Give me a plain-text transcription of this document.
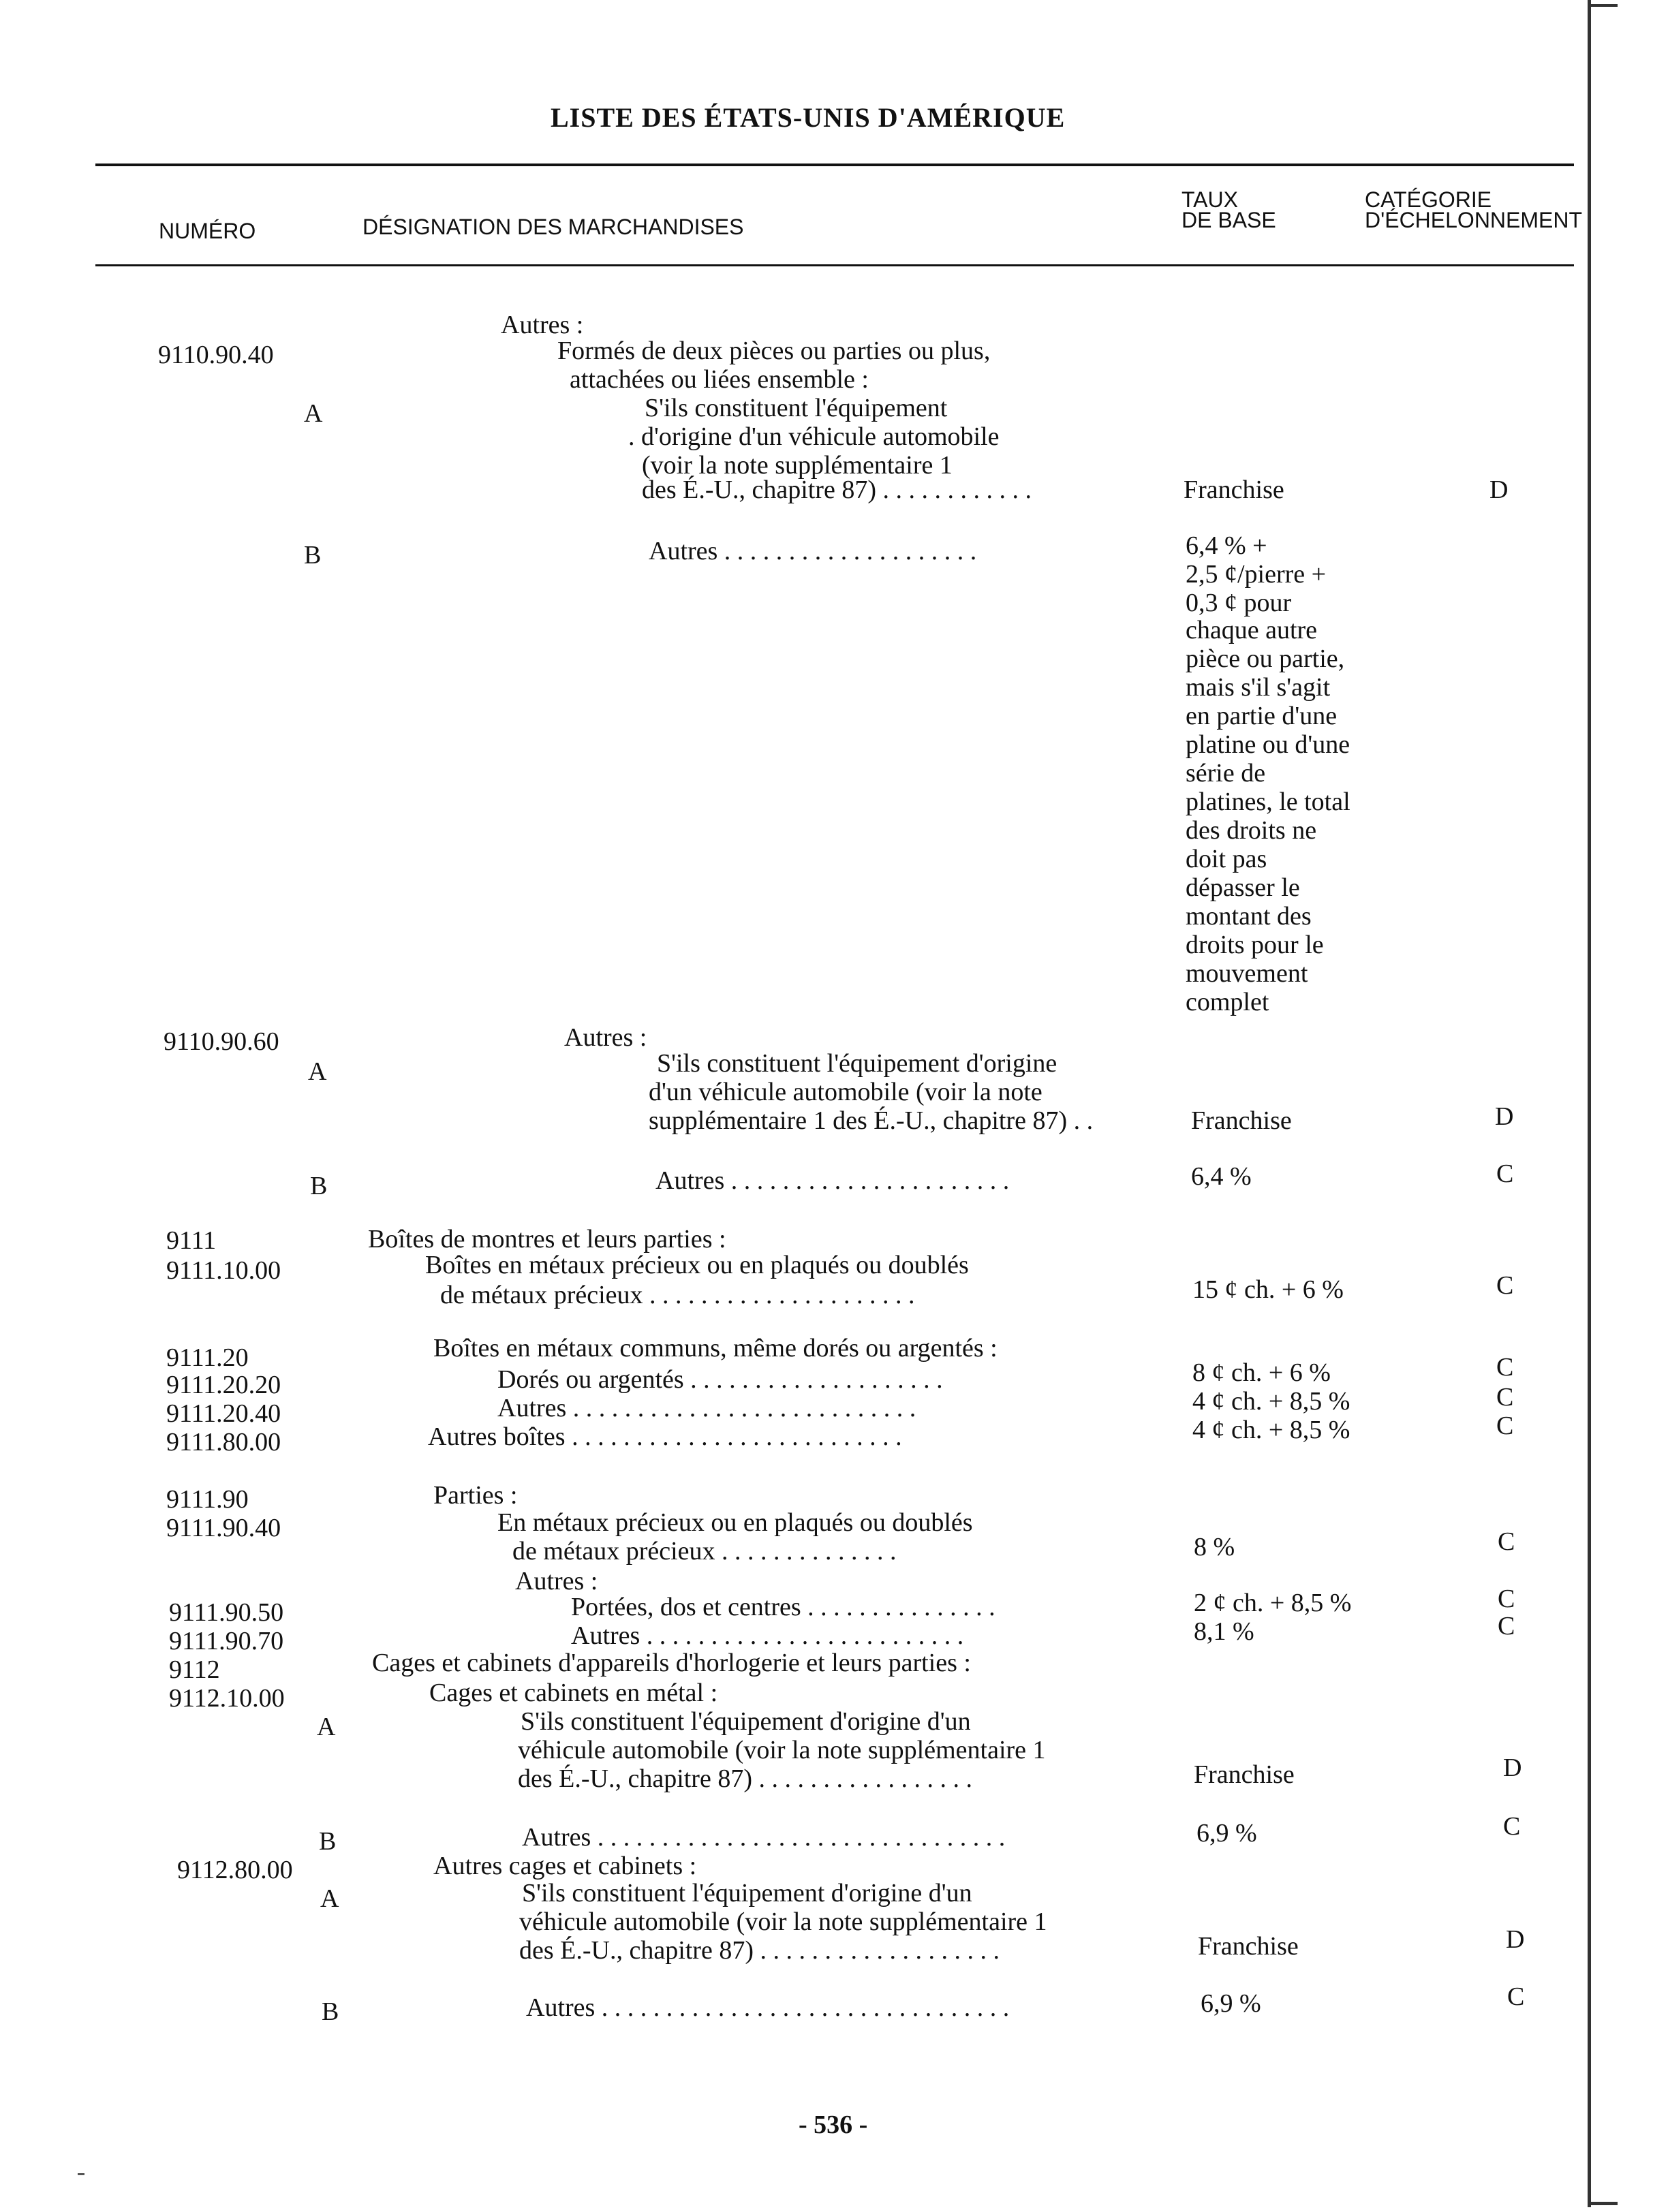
LISTE DES ÉTATS-UNIS D'AMÉRIQUE
NUMÉRO	DÉSIGNATION DES MARCHANDISES
TAUX
DE BASE
CATÉGORIE
D'ÉCHELONNEMENT
Autres :
9110.90.40	Formés de deux pièces ou parties ou plus,
attachées ou liées ensemble :
A	S'ils constituent l'équipement
. d'origine d'un véhicule automobile
(voir la note supplémentaire 1
des É.-U., chapitre 87) . . . . . . . . . . . .	Franchise	D
B	Autres . . . . . . . . . . . . . . . . . . . .	6,4 % +
2,5 ¢/pierre +
0,3 ¢ pour
chaque autre
pièce ou partie,
mais s'il s'agit
en partie d'une
platine ou d'une
série de
platines, le total
des droits ne
doit pas
dépasser le
montant des
droits pour le
mouvement
complet
9110.90.60	Autres :
A	S'ils constituent l'équipement d'origine
d'un véhicule automobile (voir la note
supplémentaire 1 des É.-U., chapitre 87) . .	Franchise	D
B	Autres . . . . . . . . . . . . . . . . . . . . . .	6,4 %	C
9111	Boîtes de montres et leurs parties :
9111.10.00	Boîtes en métaux précieux ou en plaqués ou doublés
de métaux précieux . . . . . . . . . . . . . . . . . . . . .	15 ¢ ch. + 6 %	C
9111.20	Boîtes en métaux communs, même dorés ou argentés :
9111.20.20	Dorés ou argentés . . . . . . . . . . . . . . . . . . . .	8 ¢ ch. + 6 %	C
9111.20.40	Autres . . . . . . . . . . . . . . . . . . . . . . . . . . .	4 ¢ ch. + 8,5 %	C
9111.80.00	Autres boîtes . . . . . . . . . . . . . . . . . . . . . . . . . .	4 ¢ ch. + 8,5 %	C
9111.90	Parties :
9111.90.40	En métaux précieux ou en plaqués ou doublés
de métaux précieux . . . . . . . . . . . . . .	8 %	C
Autres :
9111.90.50	Portées, dos et centres . . . . . . . . . . . . . . .	2 ¢ ch. + 8,5 %	C
9111.90.70	Autres . . . . . . . . . . . . . . . . . . . . . . . . .	8,1 %	C
9112	Cages et cabinets d'appareils d'horlogerie et leurs parties :
9112.10.00	Cages et cabinets en métal :
A	S'ils constituent l'équipement d'origine d'un
véhicule automobile (voir la note supplémentaire 1
des É.-U., chapitre 87) . . . . . . . . . . . . . . . . .	Franchise	D
B	Autres . . . . . . . . . . . . . . . . . . . . . . . . . . . . . . . .	6,9 %	C
9112.80.00	Autres cages et cabinets :
A	S'ils constituent l'équipement d'origine d'un
véhicule automobile (voir la note supplémentaire 1
des É.-U., chapitre 87) . . . . . . . . . . . . . . . . . . .	Franchise	D
B	Autres . . . . . . . . . . . . . . . . . . . . . . . . . . . . . . . .	6,9 %	C
- 536 -
